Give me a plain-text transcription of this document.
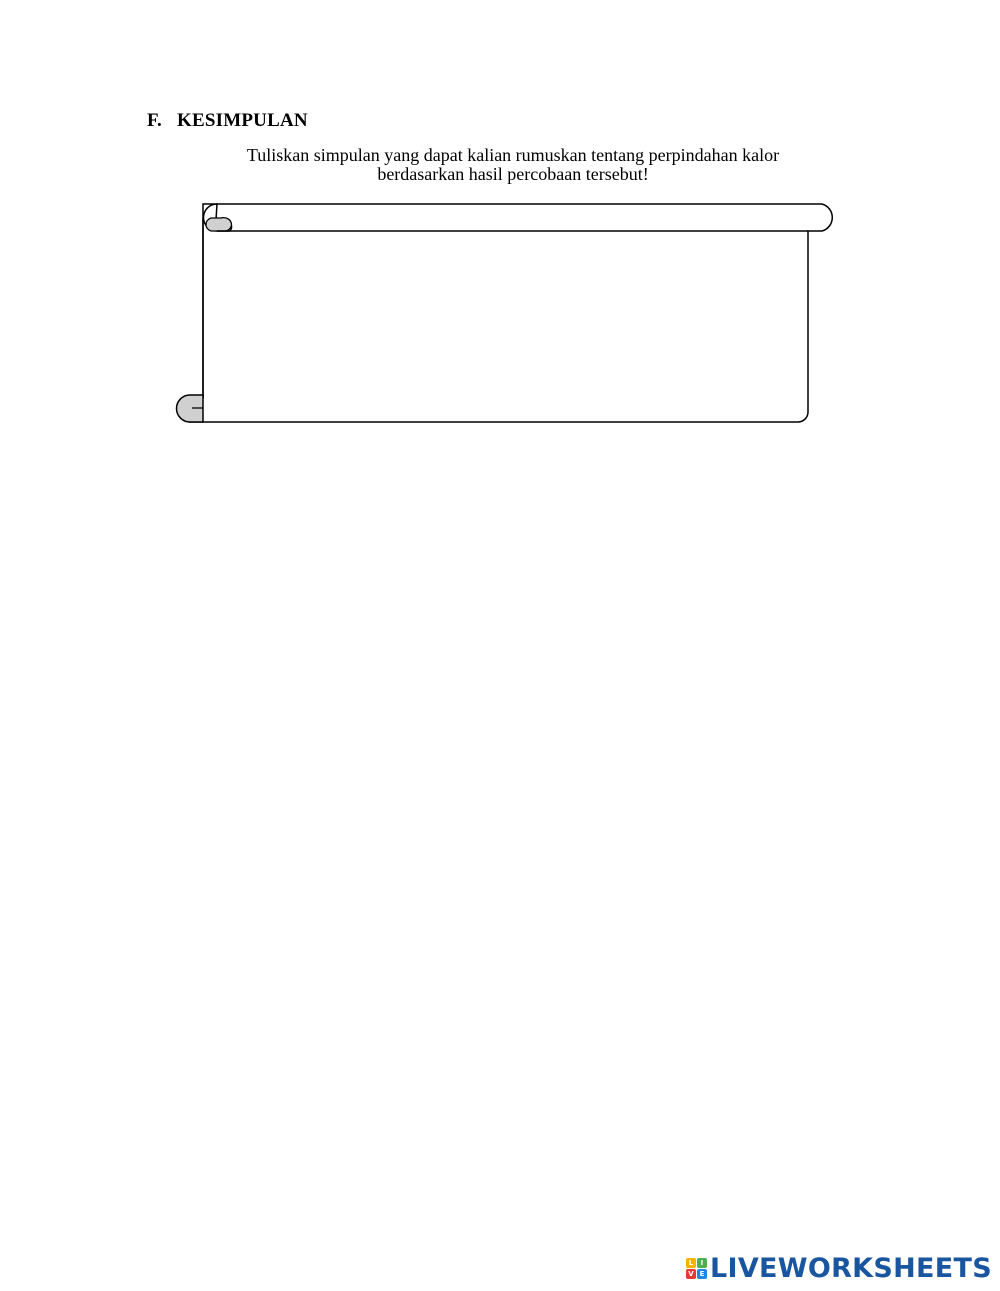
F. KESIMPULAN

Tuliskan simpulan yang dapat kalian rumuskan tentang perpindahan kalor
berdasarkan hasil percobaan tersebut!

L	I
V E LIVEWORKSHEETS
